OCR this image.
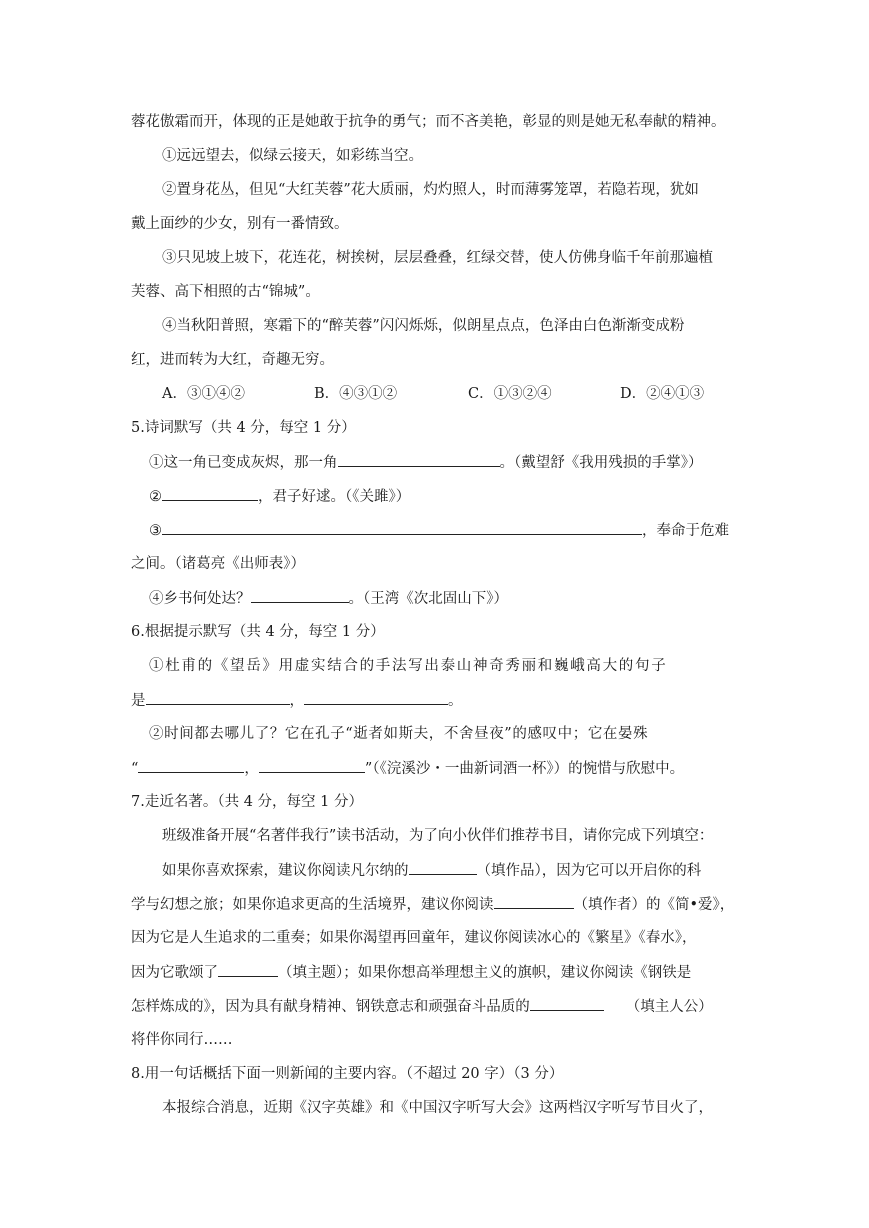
蓉花傲霜而开，体现的正是她敢于抗争的勇气；而不吝美艳，彰显的则是她无私奉献的精神。
①远远望去，似绿云接天，如彩练当空。
②置身花丛，但见“大红芙蓉”花大质丽，灼灼照人，时而薄雾笼罩，若隐若现，犹如
戴上面纱的少女，别有一番情致。
③只见坡上坡下，花连花，树挨树，层层叠叠，红绿交替，使人仿佛身临千年前那遍植
芙蓉、高下相照的古“锦城”。
④当秋阳普照，寒霜下的“醉芙蓉”闪闪烁烁，似朗星点点，色泽由白色渐渐变成粉
红，进而转为大红，奇趣无穷。
A．③①④②	B．④③①②	C．①③②④	D．②④①③
5.诗词默写（共 4 分，每空 1 分）
①这一角已变成灰烬，那一角	。（戴望舒《我用残损的手掌》）
②	，君子好逑。（《关雎》）
③	，奉命于危难
之间。（诸葛亮《出师表》）
④乡书何处达？	。（王湾《次北固山下》）
6.根据提示默写（共 4 分，每空 1 分）
①杜甫的《望岳》用虚实结合的手法写出泰山神奇秀丽和巍峨高大的句子
是	，	。
②时间都去哪儿了？它在孔子“逝者如斯夫，不舍昼夜”的感叹中；它在晏殊
“	，	”（《浣溪沙・一曲新词酒一杯》）的惋惜与欣慰中。
7.走近名著。（共 4 分，每空 1 分）
班级准备开展“名著伴我行”读书活动，为了向小伙伴们推荐书目，请你完成下列填空：
如果你喜欢探索，建议你阅读凡尔纳的	（填作品），因为它可以开启你的科
学与幻想之旅；如果你追求更高的生活境界，建议你阅读	（填作者）的《简•爱》，
因为它是人生追求的二重奏；如果你渴望再回童年，建议你阅读冰心的《繁星》《春水》，
因为它歌颂了	（填主题）；如果你想高举理想主义的旗帜，建议你阅读《钢铁是
怎样炼成的》，因为具有献身精神、钢铁意志和顽强奋斗品质的	（填主人公）
将伴你同行……
8.用一句话概括下面一则新闻的主要内容。（不超过 20 字）（3 分）
本报综合消息，近期《汉字英雄》和《中国汉字听写大会》这两档汉字听写节目火了，
